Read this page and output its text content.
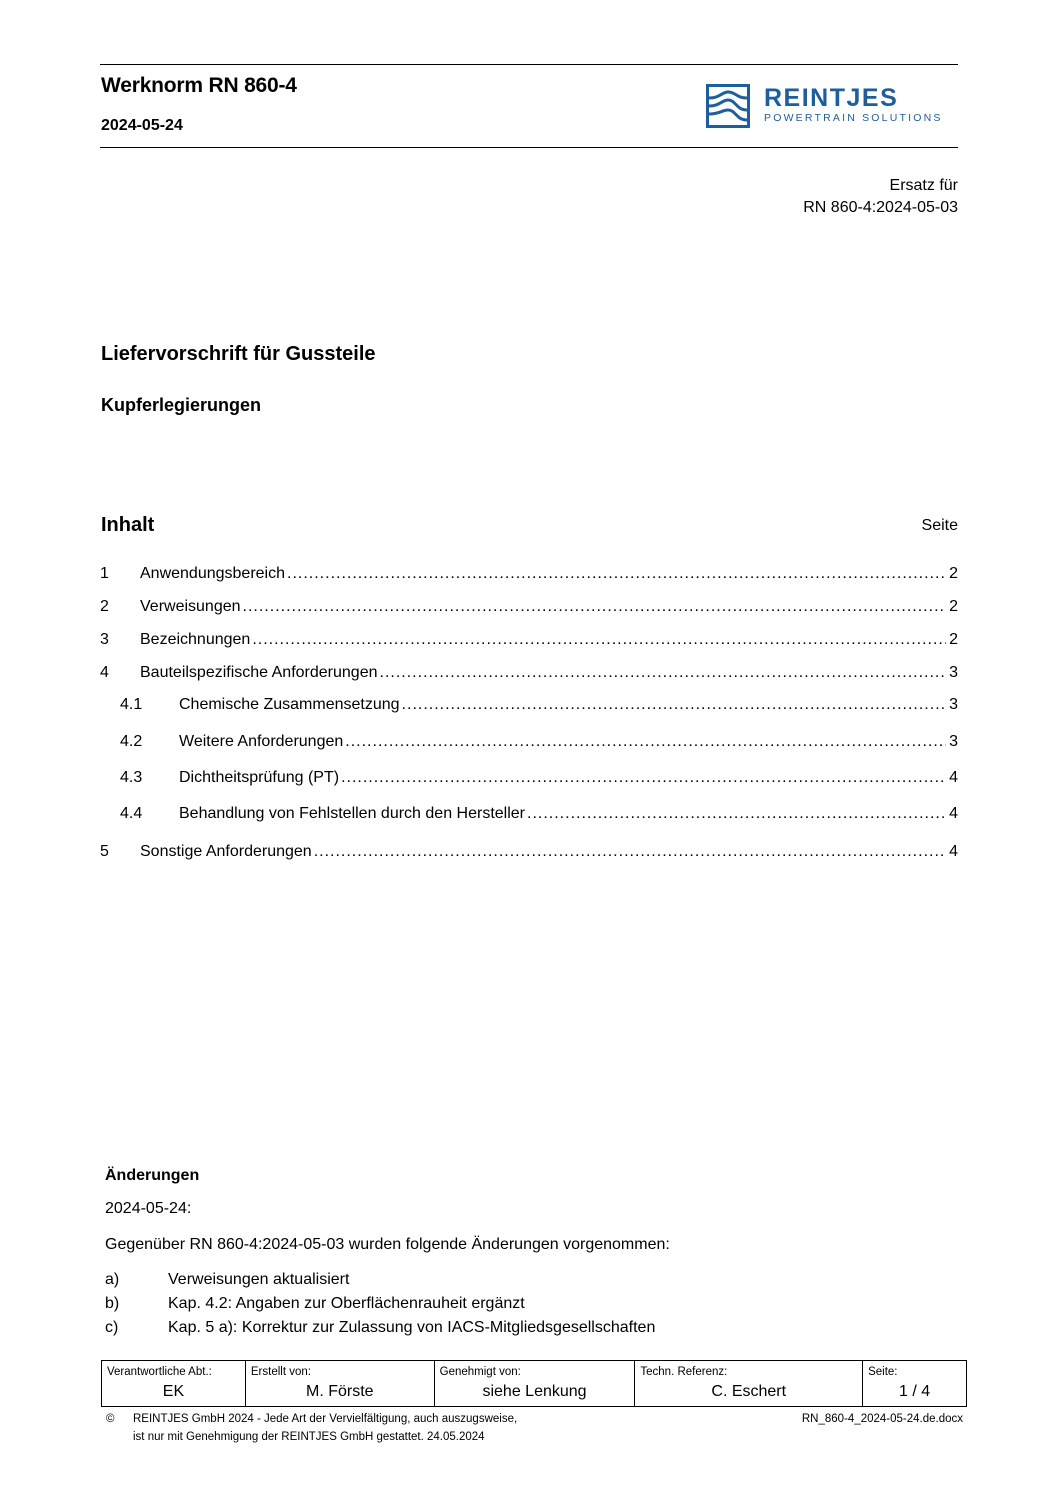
Werknorm RN 860-4
2024-05-24
REINTJES
POWERTRAIN SOLUTIONS
Ersatz für
RN 860-4:2024-05-03
Liefervorschrift für Gussteile
Kupferlegierungen
Inhalt	Seite
1	Anwendungsbereich .....	2
2	Verweisungen .....	2
3	Bezeichnungen .....	2
4	Bauteilspezifische Anforderungen .....	3
4.1	Chemische Zusammensetzung .....	3
4.2	Weitere Anforderungen .....	3
4.3	Dichtheitsprüfung (PT) .....	4
4.4	Behandlung von Fehlstellen durch den Hersteller .....	4
5	Sonstige Anforderungen .....	4
Änderungen
2024-05-24:
Gegenüber RN 860-4:2024-05-03 wurden folgende Änderungen vorgenommen:
a)	Verweisungen aktualisiert
b)	Kap. 4.2: Angaben zur Oberflächenrauheit ergänzt
c)	Kap. 5 a): Korrektur zur Zulassung von IACS-Mitgliedsgesellschaften
Verantwortliche Abt.:
EK

Erstellt von:
M. Förste

Genehmigt von:
siehe Lenkung

Techn. Referenz:
C. Eschert

Seite:
1 / 4
© REINTJES GmbH 2024 - Jede Art der Vervielfältigung, auch auszugsweise,
ist nur mit Genehmigung der REINTJES GmbH gestattet. 24.05.2024
RN_860-4_2024-05-24.de.docx
